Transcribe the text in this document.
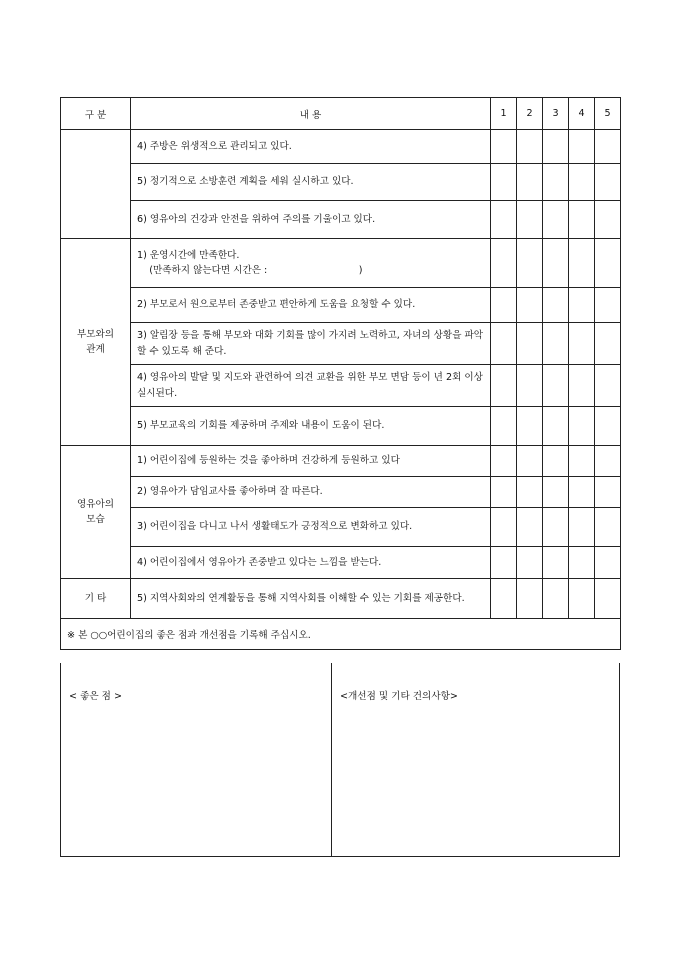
구 분	내 용	1	2	3	4	5
	4) 주방은 위생적으로 관리되고 있다.					
	5) 정기적으로 소방훈련 계획을 세워 실시하고 있다.					
	6) 영유아의 건강과 안전을 위하여 주의를 기울이고 있다.					
부모와의
관계	1) 운영시간에 만족한다.
(만족하지 않는다면 시간은 :                              )					
	2) 부모로서 원으로부터 존중받고 편안하게 도움을 요청할 수 있다.					
	3) 알림장 등을 통해 부모와 대화 기회를 많이 가지려 노력하고, 자녀의 상황을 파악할 수 있도록 해 준다.					
	4) 영유아의 발달 및 지도와 관련하여 의견 교환을 위한 부모 면담 등이 년 2회 이상 실시된다.					
	5) 부모교육의 기회를 제공하며 주제와 내용이 도움이 된다.					
영유아의
모습	1) 어린이집에 등원하는 것을 좋아하며 건강하게 등원하고 있다					
	2) 영유아가 담임교사를 좋아하며 잘 따른다.					
	3) 어린이집을 다니고 나서 생활태도가 긍정적으로 변화하고 있다.					
	4) 어린이집에서 영유아가 존중받고 있다는 느낌을 받는다.					
기 타	5) 지역사회와의 연계활동을 통해 지역사회를 이해할 수 있는 기회를 제공한다.					
※ 본 ○○어린이집의 좋은 점과 개선점을 기록해 주십시오.						
< 좋은 점 >	<개선점 및 기타 건의사항>
